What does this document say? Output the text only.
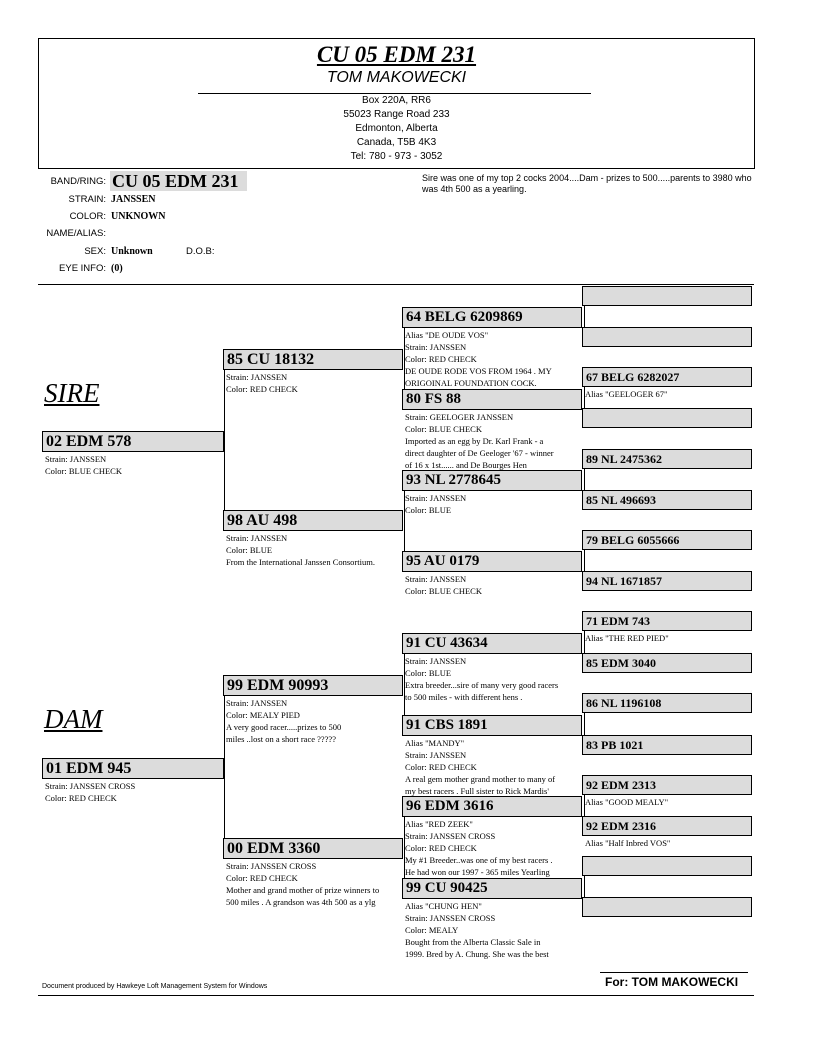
CU 05 EDM 231
TOM MAKOWECKI
Box 220A, RR6
55023 Range Road 233
Edmonton, Alberta
Canada, T5B 4K3
Tel: 780 - 973 - 3052
BAND/RING: CU 05 EDM 231
STRAIN: JANSSEN
COLOR: UNKNOWN
NAME/ALIAS:
SEX: Unknown	D.O.B:
EYE INFO: (0)
Sire was one of my top 2 cocks 2004....Dam - prizes to 500.....parents to 3980 who was 4th 500 as a yearling.
SIRE
DAM
02 EDM 578
Strain: JANSSEN
Color: BLUE CHECK
01 EDM 945
Strain: JANSSEN CROSS
Color: RED CHECK
85 CU 18132
Strain: JANSSEN
Color: RED CHECK
98 AU 498
Strain: JANSSEN
Color: BLUE
From the International Janssen Consortium.
99 EDM 90993
Strain: JANSSEN
Color: MEALY PIED
A very good racer.....prizes to 500
miles ..lost on a short race ?????
00 EDM 3360
Strain: JANSSEN CROSS
Color: RED CHECK
Mother and grand mother of prize winners to
500 miles . A grandson was 4th 500 as a ylg
64 BELG 6209869
Alias "DE OUDE VOS"
Strain: JANSSEN
Color: RED CHECK
DE OUDE RODE VOS FROM 1964 . MY
ORIGOINAL FOUNDATION COCK.
80 FS 88
Strain: GEELOGER JANSSEN
Color: BLUE CHECK
Imported as an egg by Dr. Karl Frank - a
direct daughter of De Geeloger '67 - winner
of 16 x 1st...... and De Bourges Hen
93 NL 2778645
Strain: JANSSEN
Color: BLUE
95 AU 0179
Strain: JANSSEN
Color: BLUE CHECK
91 CU 43634
Strain: JANSSEN
Color: BLUE
Extra breeder...sire of many very good racers
to 500 miles - with different hens .
91 CBS 1891
Alias "MANDY"
Strain: JANSSEN
Color: RED CHECK
A real gem mother grand mother to many of
my best racers . Full sister to Rick Mardis'
96 EDM 3616
Alias "RED ZEEK"
Strain: JANSSEN CROSS
Color: RED CHECK
My #1 Breeder..was one of my best racers .
He had won our 1997 - 365 miles Yearling
99 CU 90425
Alias "CHUNG HEN"
Strain: JANSSEN CROSS
Color: MEALY
Bought from the Alberta Classic Sale in
1999. Bred by A. Chung. She was the best
67 BELG 6282027
Alias "GEELOGER 67"
89 NL 2475362
85 NL 496693
79 BELG 6055666
94 NL 1671857
71 EDM 743
Alias "THE RED PIED"
85 EDM 3040
86 NL 1196108
83 PB 1021
92 EDM 2313
Alias "GOOD MEALY"
92 EDM 2316
Alias "Half Inbred VOS"
Document produced by Hawkeye Loft Management System for Windows	For: TOM MAKOWECKI
